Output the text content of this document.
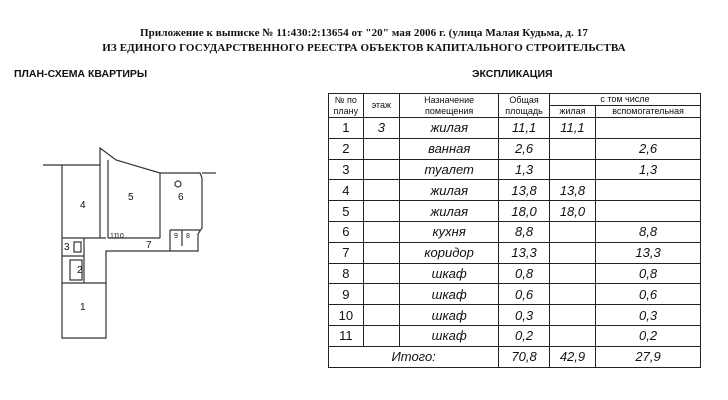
Приложение к выписке № 11:430:2:13654 от "20" мая 2006 г. (улица Малая Кудьма, д. 17
ИЗ ЕДИНОГО ГОСУДАРСТВЕННОГО РЕЕСТРА ОБЪЕКТОВ КАПИТАЛЬНОГО СТРОИТЕЛЬСТВА
ПЛАН-СХЕМА КВАРТИРЫ	ЭКСПЛИКАЦИЯ
1
2
3
4
5	6
7
8
9
10
11
№ по плану	этаж	Назначение помещения	Общая площадь	с том числе	
				жилая	вспомогательная
1	3	жилая	11,1	11,1	
2		ванная	2,6		2,6
3		туалет	1,3		1,3
4		жилая	13,8	13,8	
5		жилая	18,0	18,0	
6		кухня	8,8		8,8
7		коридор	13,3		13,3
8		шкаф	0,8		0,8
9		шкаф	0,6		0,6
10		шкаф	0,3		0,3
11		шкаф	0,2		0,2
Итого:			70,8	42,9	27,9
